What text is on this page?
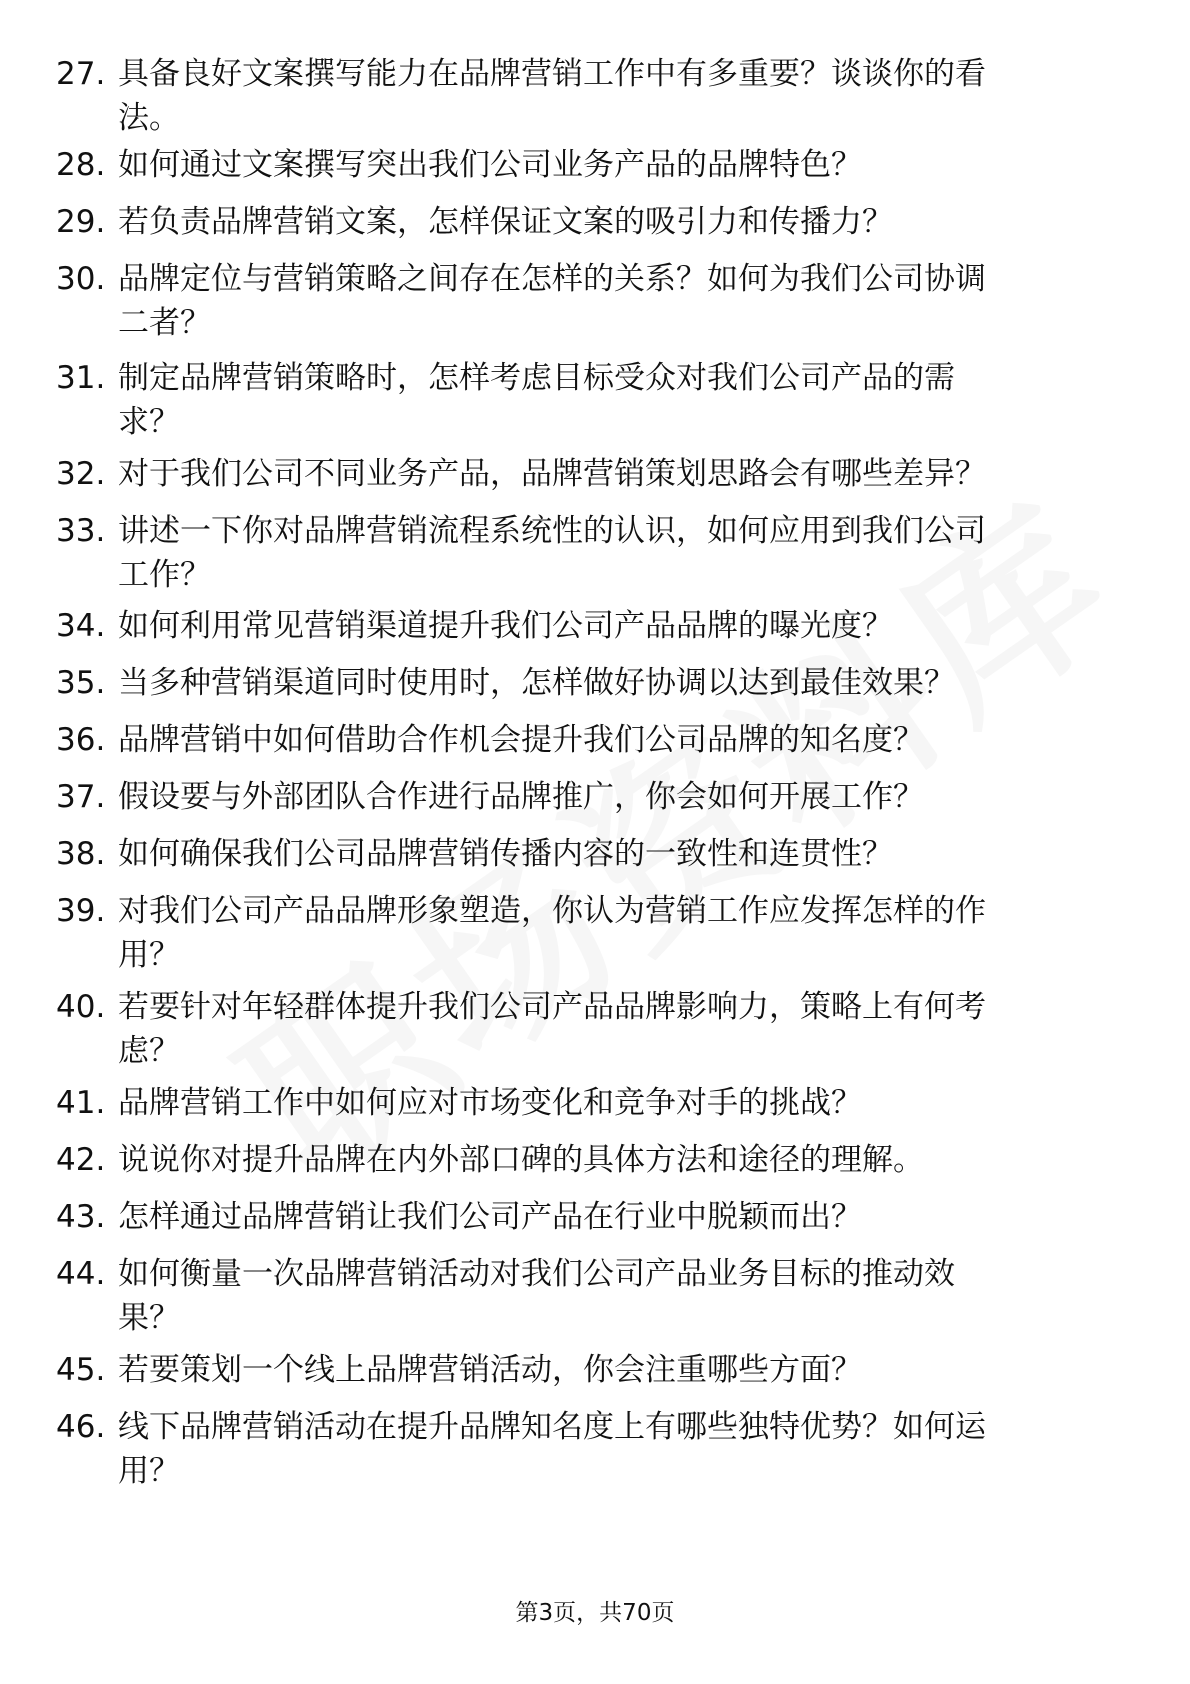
27. 具备良好文案撰写能力在品牌营销工作中有多重要？谈谈你的看
法。
28. 如何通过文案撰写突出我们公司业务产品的品牌特色？
29. 若负责品牌营销文案，怎样保证文案的吸引力和传播力？
30. 品牌定位与营销策略之间存在怎样的关系？如何为我们公司协调
二者？
31. 制定品牌营销策略时，怎样考虑目标受众对我们公司产品的需
求？
32. 对于我们公司不同业务产品，品牌营销策划思路会有哪些差异？
33. 讲述一下你对品牌营销流程系统性的认识，如何应用到我们公司
工作？
34. 如何利用常见营销渠道提升我们公司产品品牌的曝光度？
35. 当多种营销渠道同时使用时，怎样做好协调以达到最佳效果？
36. 品牌营销中如何借助合作机会提升我们公司品牌的知名度？
37. 假设要与外部团队合作进行品牌推广，你会如何开展工作？
38. 如何确保我们公司品牌营销传播内容的一致性和连贯性？
39. 对我们公司产品品牌形象塑造，你认为营销工作应发挥怎样的作
用？
40. 若要针对年轻群体提升我们公司产品品牌影响力，策略上有何考
虑？
41. 品牌营销工作中如何应对市场变化和竞争对手的挑战？
42. 说说你对提升品牌在内外部口碑的具体方法和途径的理解。
43. 怎样通过品牌营销让我们公司产品在行业中脱颖而出？
44. 如何衡量一次品牌营销活动对我们公司产品业务目标的推动效
果？
45. 若要策划一个线上品牌营销活动，你会注重哪些方面？
46. 线下品牌营销活动在提升品牌知名度上有哪些独特优势？如何运
用？
第3页，共70页
